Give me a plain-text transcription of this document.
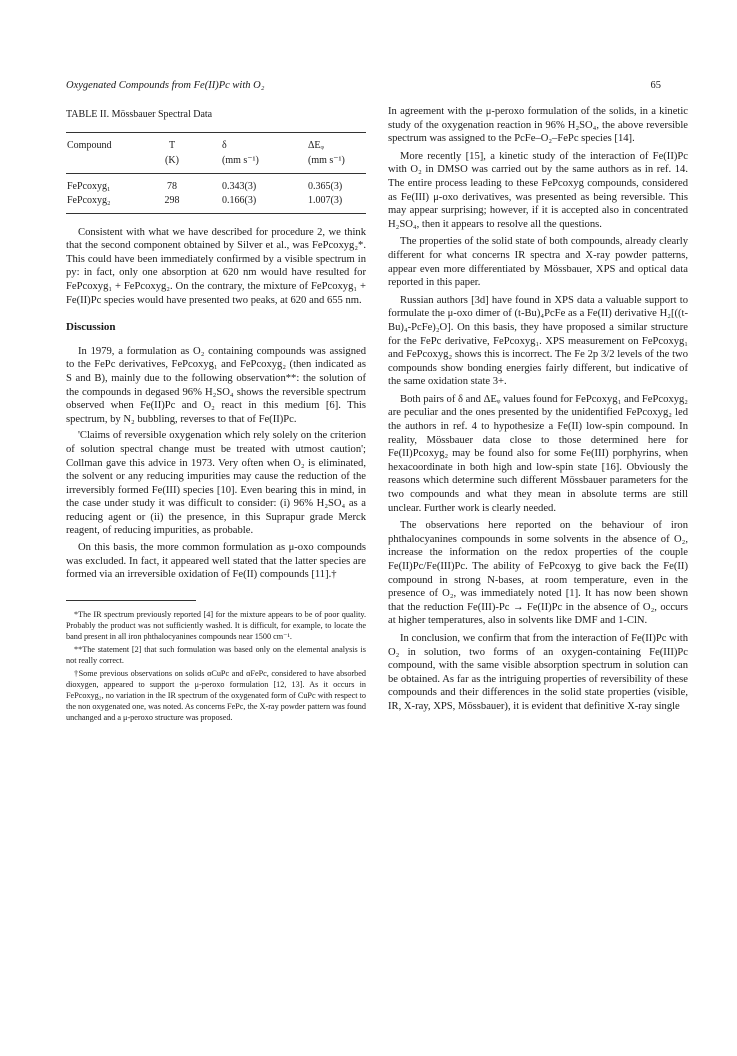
Oxygenated Compounds from Fe(II)Pc with O₂	65
TABLE II. Mössbauer Spectral Data
Compound	T	δ	ΔEᵩ
	(K)	(mm s⁻¹)	(mm s⁻¹)
FePcoxyg₁	78	0.343(3)	0.365(3)
FePcoxyg₂	298	0.166(3)	1.007(3)

Consistent with what we have described for procedure 2, we think that the second component obtained by Silver et al., was FePcoxyg₂*. This could have been immediately confirmed by a visible spectrum in py: in fact, only one absorption at 620 nm would have resulted for FePcoxyg₁ + FePcoxyg₂. On the contrary, the mixture of FePcoxyg₁ + Fe(II)Pc species would have presented two peaks, at 620 and 655 nm.

Discussion

In 1979, a formulation as O₂ containing compounds was assigned to the FePc derivatives, FePcoxyg₁ and FePcoxyg₂ (then indicated as S and B), mainly due to the following observation**: the solution of the compounds in degased 96% H₂SO₄ shows the reversible spectrum observed when Fe(II)Pc and O₂ react in this medium [6]. This spectrum, by N₂ bubbling, reverses to that of Fe(II)Pc.

'Claims of reversible oxygenation which rely solely on the criterion of solution spectral change must be treated with utmost caution'; Collman gave this advice in 1973. Very often when O₂ is eliminated, the solvent or any reducing impurities may cause the reduction of the irreversibly formed Fe(III) species [10]. Even bearing this in mind, in the case under study it was difficult to consider: (i) 96% H₂SO₄ as a reducing agent or (ii) the presence, in this Suprapur grade Merck reagent, of reducing impurities, as probable.

On this basis, the more common formulation as μ-oxo compounds was excluded. In fact, it appeared well stated that the latter species are formed via an irreversible oxidation of Fe(II) compounds [11].†

*The IR spectrum previously reported [4] for the mixture appears to be of poor quality. Probably the product was not sufficiently washed. It is difficult, for example, to locate the band present in all iron phthalocyanines compounds near 1500 cm⁻¹.

**The statement [2] that such formulation was based only on the elemental analysis is not really correct.

†Some previous observations on solids αCuPc and αFePc, considered to have absorbed dioxygen, appeared to support the μ-peroxo formulation [12, 13]. As it occurs in FePcoxyg₂, no variation in the IR spectrum of the oxygenated form of CuPc with respect to the non oxygenated one, was noted. As concerns FePc, the X-ray powder pattern was found unchanged and a μ-peroxo structure was proposed.

In agreement with the μ-peroxo formulation of the solids, in a kinetic study of the oxygenation reaction in 96% H₂SO₄, the above reversible spectrum was assigned to the PcFe–O₂–FePc species [14].

More recently [15], a kinetic study of the interaction of Fe(II)Pc with O₂ in DMSO was carried out by the same authors as in ref. 14. The entire process leading to these FePcoxyg compounds, considered as Fe(III) μ-oxo derivatives, was presented as being reversible. This may appear surprising; however, if it is accepted also in concentrated H₂SO₄, then it appears to resolve all the questions.

The properties of the solid state of both compounds, already clearly different for what concerns IR spectra and X-ray powder patterns, appear even more differentiated by Mössbauer, XPS and optical data reported in this paper.

Russian authors [3d] have found in XPS data a valuable support to formulate the μ-oxo dimer of (t-Bu)₄PcFe as a Fe(II) derivative H₂[((t-Bu)₄-PcFe)₂O]. On this basis, they have proposed a similar structure for the FePc derivative, FePcoxyg₁. XPS measurement on FePcoxyg₁ and FePcoxyg₂ shows this is incorrect. The Fe 2p 3/2 levels of the two compounds show bonding energies fairly different, but indicative of the same oxidation state 3+.

Both pairs of δ and ΔEᵩ values found for FePcoxyg₁ and FePcoxyg₂ are peculiar and the ones presented by the unidentified FePcoxyg₂ led the authors in ref. 4 to hypothesize a Fe(II) low-spin compound. In reality, Mössbauer data close to those determined here for Fe(II)Pcoxyg₂ may be found also for some Fe(III) porphyrins, when hexacoordinate in both high and low-spin state [16]. Obviously the reasons which determine such different Mössbauer parameters for the two compounds and what they mean in absolute terms are still unclear. Further work is clearly needed.

The observations here reported on the behaviour of iron phthalocyanines compounds in some solvents in the absence of O₂, increase the information on the redox properties of the couple Fe(II)Pc/Fe(III)Pc. The ability of FePcoxyg to give back the Fe(II) compound in strong N-bases, at room temperature, even in the presence of O₂, was immediately noted [1]. It has now been shown that the reduction Fe(III)-Pc → Fe(II)Pc in the absence of O₂, occurs at higher temperatures, also in solvents like DMF and 1-ClN.

In conclusion, we confirm that from the interaction of Fe(II)Pc with O₂ in solution, two forms of an oxygen-containing Fe(III)Pc compound, with the same visible absorption spectrum in solution can be obtained. As far as the intriguing properties of reversibility of these compounds and their differences in the solid state properties (visible, IR, X-ray, XPS, Mössbauer), it is evident that definitive X-ray single
